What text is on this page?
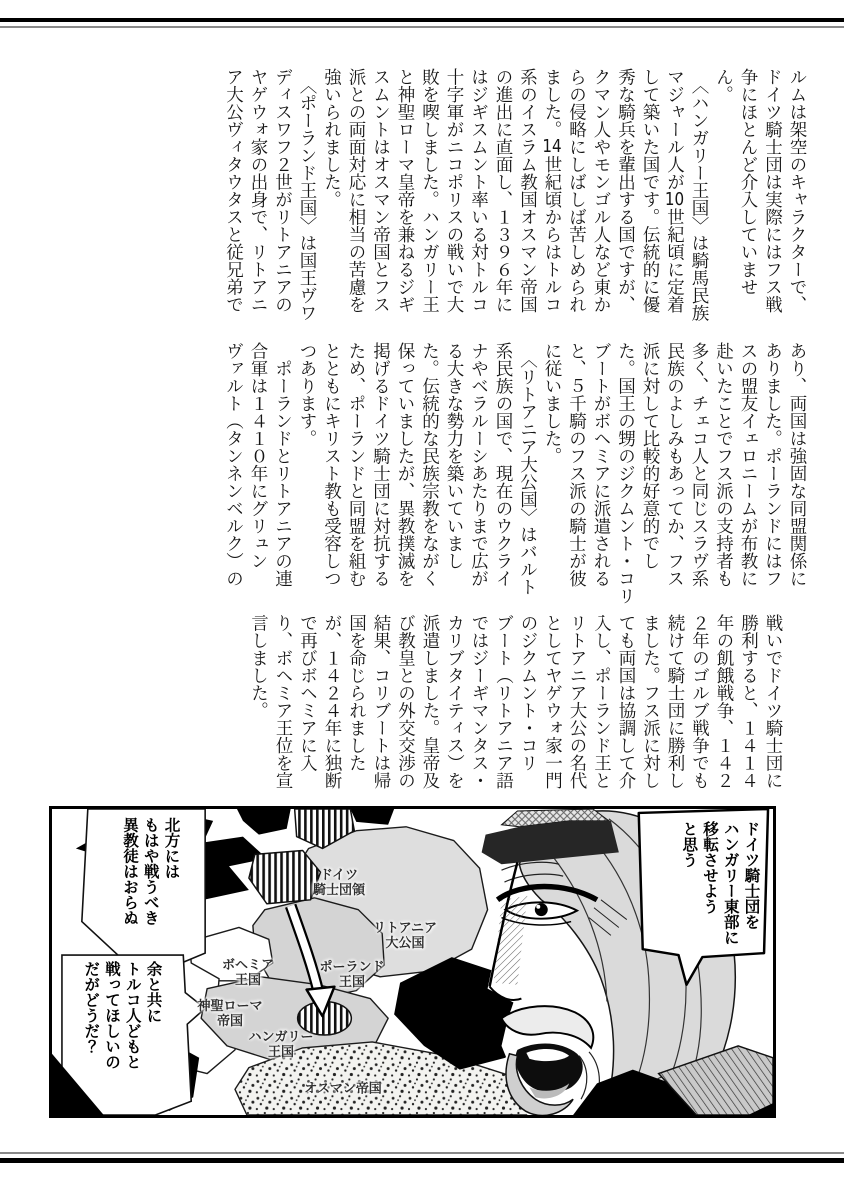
ルムは架空のキャラクターで、

ドイツ騎士団は実際にはフス戦

争にほとんど介入していませ

ん。

　〈ハンガリー王国〉は騎馬民族

マジャール人が10世紀頃に定着

して築いた国です。伝統的に優

秀な騎兵を輩出する国ですが、

クマン人やモンゴル人など東か

らの侵略にしばしば苦しめられ

ました。14世紀頃からはトルコ

系のイスラム教国オスマン帝国

の進出に直面し、１３９６年に

はジギスムント率いる対トルコ

十字軍がニコポリスの戦いで大

敗を喫しました。ハンガリー王

と神聖ローマ皇帝を兼ねるジギ

スムントはオスマン帝国とフス

派との両面対応に相当の苦慮を

強いられました。

　〈ポーランド王国〉は国王ヴワ

ディスワフ２世がリトアニアの

ヤゲウォ家の出身で、リトアニ

ア大公ヴィタウタスと従兄弟で

あり、両国は強固な同盟関係に

ありました。ポーランドにはフ

スの盟友イェロニームが布教に

赴いたことでフス派の支持者も

多く、チェコ人と同じスラヴ系

民族のよしみもあってか、フス

派に対して比較的好意的でし

た。国王の甥のジクムント・コリ

ブートがボヘミアに派遣される

と、５千騎のフス派の騎士が彼

に従いました。

　〈リトアニア大公国〉はバルト

系民族の国で、現在のウクライ

ナやベラルーシあたりまで広が

る大きな勢力を築いていまし

た。伝統的な民族宗教をながく

保っていましたが、異教撲滅を

掲げるドイツ騎士団に対抗する

ため、ポーランドと同盟を組む

とともにキリスト教も受容しつ

つあります。

　ポーランドとリトアニアの連

合軍は１４１０年にグリュン

ヴァルト（タンネンベルク）の

戦いでドイツ騎士団に

勝利すると、１４１４

年の飢餓戦争、１４２

２年のゴルブ戦争でも

続けて騎士団に勝利し

ました。フス派に対し

ても両国は協調して介

入し、ポーランド王と

リトアニア大公の名代

としてヤゲウォ家一門

のジクムント・コリ

ブート（リトアニア語

ではジーギマンタス・

カリブタイティス）を

派遣しました。皇帝及

び教皇との外交交渉の

結果、コリブートは帰

国を命じられました

が、１４２４年に独断

で再びボヘミアに入

り、ボヘミア王位を宣

言しました。

ドイツ騎士団を

ハンガリー東部に

移転させよう

と思う

北方には

もはや戦うべき

異教徒はおらぬ

余と共に

トルコ人どもと

戦ってほしいの

だがどうだ？

ドイツ
騎士団領
リトアニア
大公国
ポーランド
王国
ボヘミア
王国
神聖ローマ
帝国
ハンガリー
王国
オスマン帝国
